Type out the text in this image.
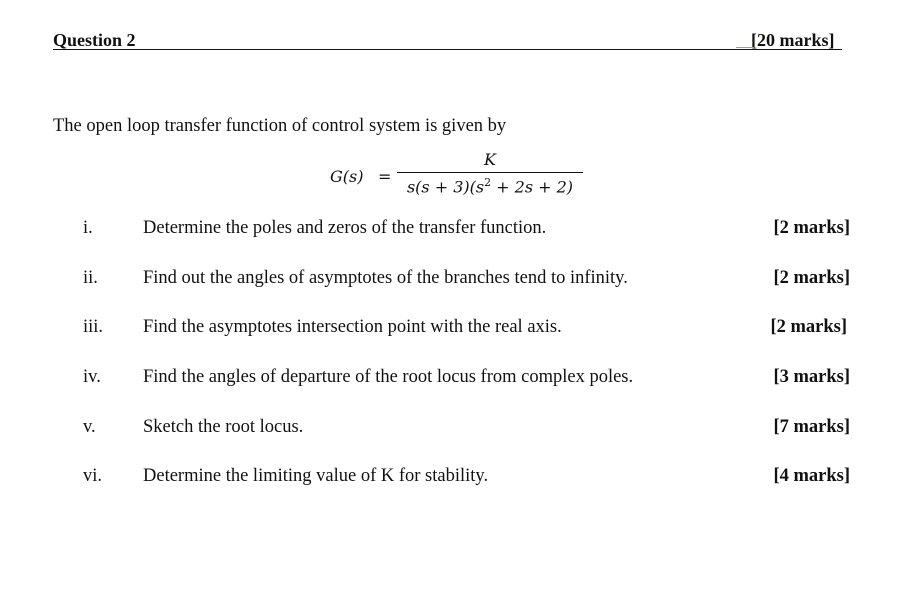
Question 2	[20 marks]
The open loop transfer function of control system is given by
G(s) =
K
$s(s + 3)(s^2 + 2s + 2)$
i.	Determine the poles and zeros of the transfer function.	[2 marks]
ii. Find out the angles of asymptotes of the branches tend to infinity.	[2 marks]
iii. Find the asymptotes intersection point with the real axis.	[2 marks]
iv. Find the angles of departure of the root locus from complex poles.	[3 marks]
v.	Sketch the root locus.	[7 marks]
vi. Determine the limiting value of K for stability.	[4 marks]
